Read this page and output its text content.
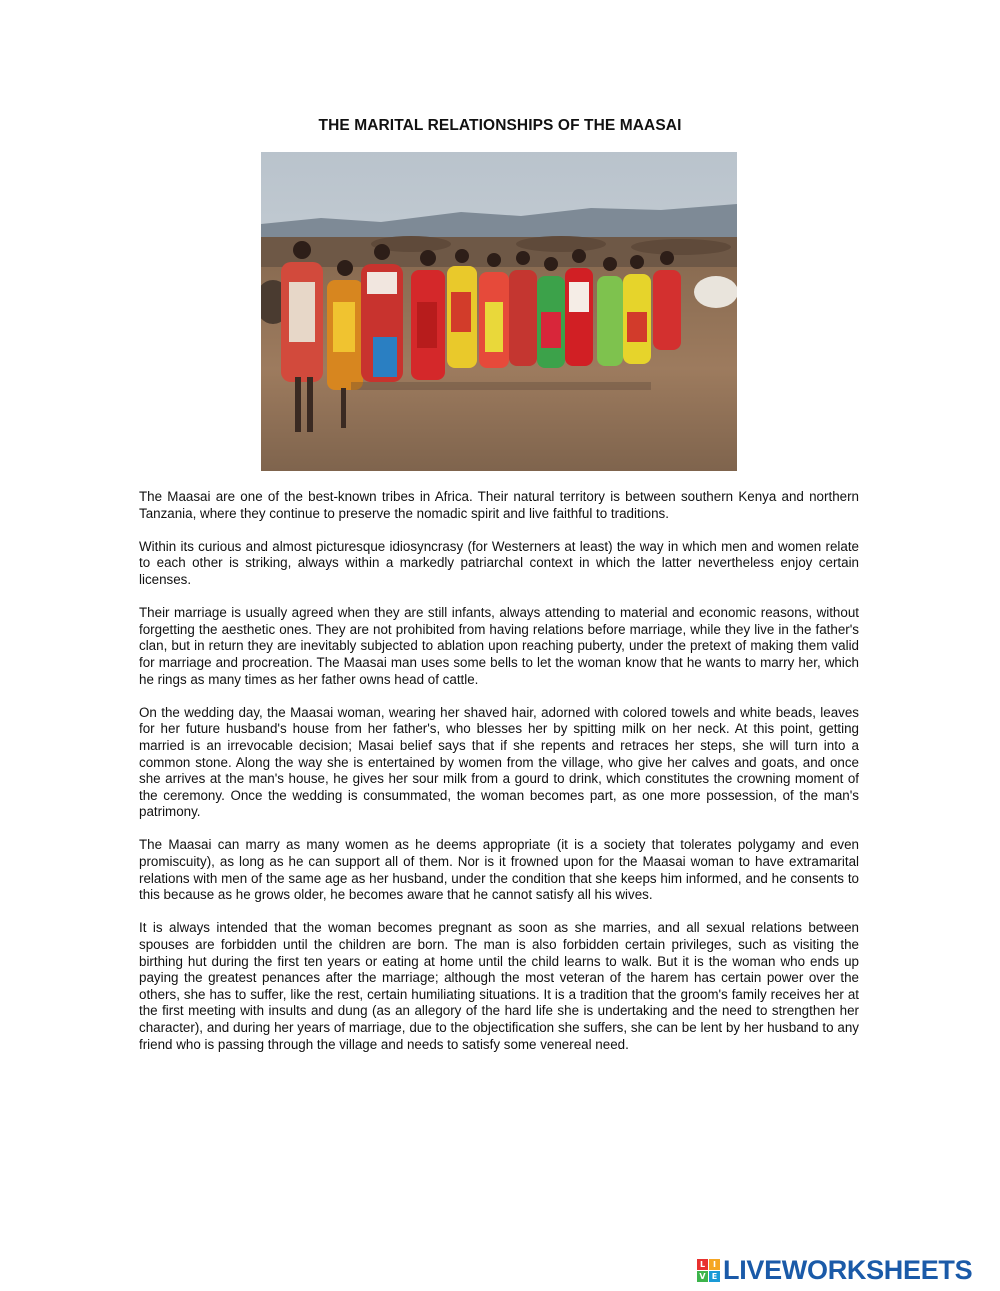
THE MARITAL RELATIONSHIPS OF THE MAASAI

The Maasai are one of the best-known tribes in Africa. Their natural territory is between southern Kenya and northern Tanzania, where they continue to preserve the nomadic spirit and live faithful to traditions.

Within its curious and almost picturesque idiosyncrasy (for Westerners at least) the way in which men and women relate to each other is striking, always within a markedly patriarchal context in which the latter nevertheless enjoy certain licenses.

Their marriage is usually agreed when they are still infants, always attending to material and economic reasons, without forgetting the aesthetic ones. They are not prohibited from having relations before marriage, while they live in the father's clan, but in return they are inevitably subjected to ablation upon reaching puberty, under the pretext of making them valid for marriage and procreation. The Maasai man uses some bells to let the woman know that he wants to marry her, which he rings as many times as her father owns head of cattle.

On the wedding day, the Maasai woman, wearing her shaved hair, adorned with colored towels and white beads, leaves for her future husband's house from her father's, who blesses her by spitting milk on her neck. At this point, getting married is an irrevocable decision; Masai belief says that if she repents and retraces her steps, she will turn into a common stone. Along the way she is entertained by women from the village, who give her calves and goats, and once she arrives at the man's house, he gives her sour milk from a gourd to drink, which constitutes the crowning moment of the ceremony. Once the wedding is consummated, the woman becomes part, as one more possession, of the man's patrimony.

The Maasai can marry as many women as he deems appropriate (it is a society that tolerates polygamy and even promiscuity), as long as he can support all of them. Nor is it frowned upon for the Maasai woman to have extramarital relations with men of the same age as her husband, under the condition that she keeps him informed, and he consents to this because as he grows older, he becomes aware that he cannot satisfy all his wives.

It is always intended that the woman becomes pregnant as soon as she marries, and all sexual relations between spouses are forbidden until the children are born. The man is also forbidden certain privileges, such as visiting the birthing hut during the first ten years or eating at home until the child learns to walk. But it is the woman who ends up paying the greatest penances after the marriage; although the most veteran of the harem has certain power over the others, she has to suffer, like the rest, certain humiliating situations. It is a tradition that the groom's family receives her at the first meeting with insults and dung (as an allegory of the hard life she is undertaking and the need to strengthen her character), and during her years of marriage, due to the objectification she suffers, she can be lent by her husband to any friend who is passing through the village and needs to satisfy some venereal need.

L I
V E LIVEWORKSHEETS
